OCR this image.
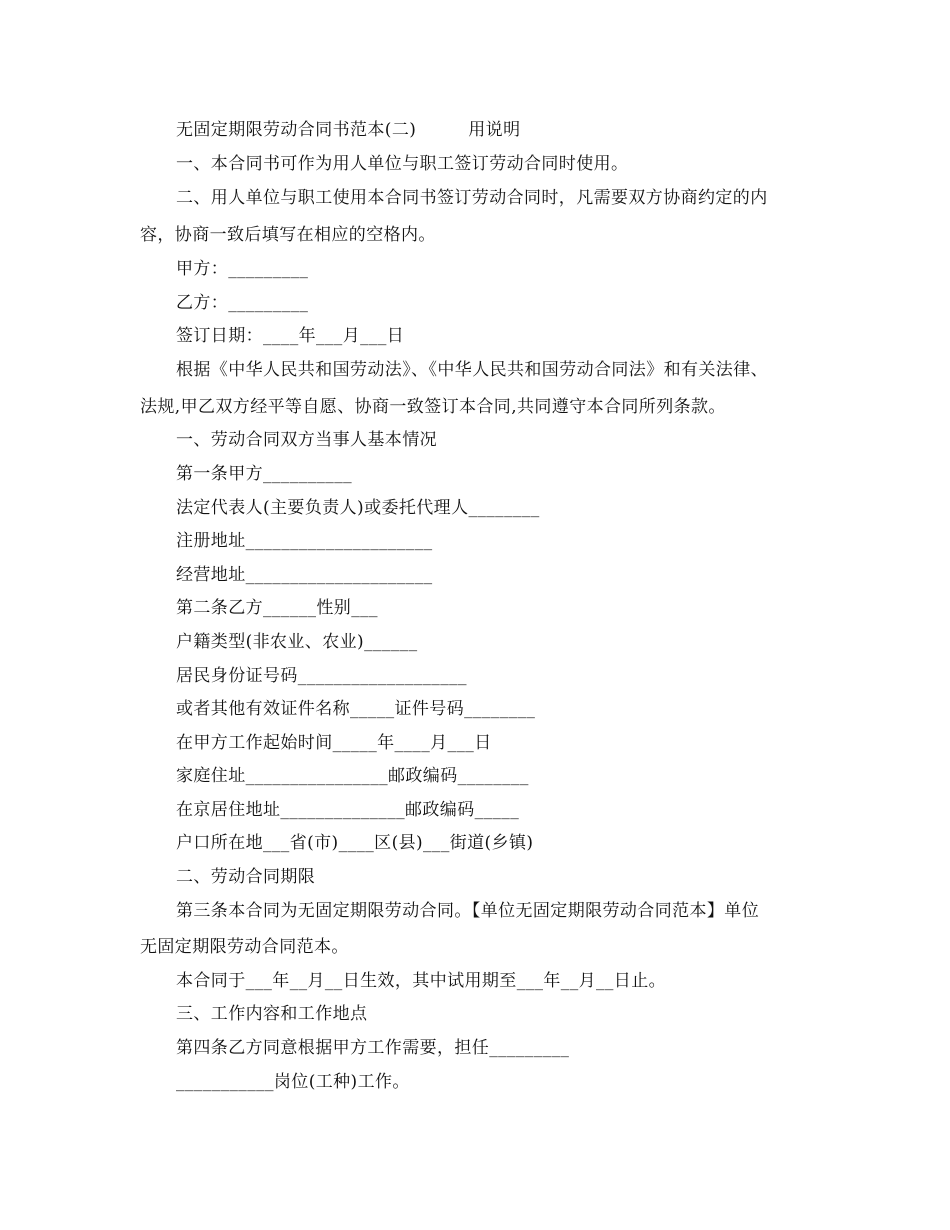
无固定期限劳动合同书范本(二)	用说明
一、本合同书可作为用人单位与职工签订劳动合同时使用。
二、用人单位与职工使用本合同书签订劳动合同时，凡需要双方协商约定的内
容，协商一致后填写在相应的空格内。
甲方：_________
乙方：_________
签订日期：____年___月___日
根据《中华人民共和国劳动法》、《中华人民共和国劳动合同法》和有关法律、
法规,甲乙双方经平等自愿、协商一致签订本合同,共同遵守本合同所列条款。
一、劳动合同双方当事人基本情况
第一条甲方__________
法定代表人(主要负责人)或委托代理人________
注册地址_____________________
经营地址_____________________
第二条乙方______性别___
户籍类型(非农业、农业)______
居民身份证号码___________________
或者其他有效证件名称_____证件号码________
在甲方工作起始时间_____年____月___日
家庭住址________________邮政编码________
在京居住地址______________邮政编码_____
户口所在地___省(市)____区(县)___街道(乡镇)
二、劳动合同期限
第三条本合同为无固定期限劳动合同。【单位无固定期限劳动合同范本】单位
无固定期限劳动合同范本。
本合同于___年__月__日生效，其中试用期至___年__月__日止。
三、工作内容和工作地点
第四条乙方同意根据甲方工作需要，担任_________
___________岗位(工种)工作。
